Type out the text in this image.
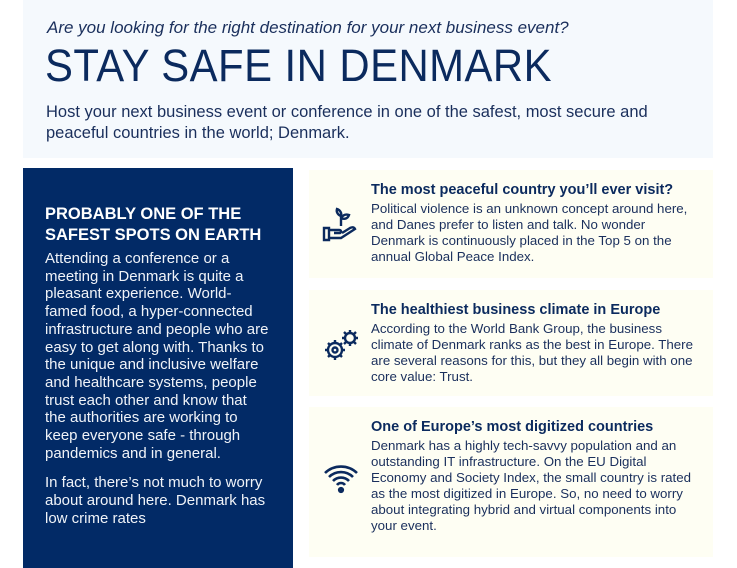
Are you looking for the right destination for your next business event?
STAY SAFE IN DENMARK
Host your next business event or conference in one of the safest, most secure and peaceful countries in the world; Denmark.
PROBABLY ONE OF THE SAFEST SPOTS ON EARTH

Attending a conference or a meeting in Denmark is quite a pleasant experience. World-famed food, a hyper-connected infrastructure and people who are easy to get along with. Thanks to the unique and inclusive welfare and healthcare systems, people trust each other and know that the authorities are working to keep everyone safe - through pandemics and in general.

In fact, there’s not much to worry about around here. Denmark has low crime rates

The most peaceful country you’ll ever visit?

Political violence is an unknown concept around here, and Danes prefer to listen and talk. No wonder Denmark is continuously placed in the Top 5 on the annual Global Peace Index.

The healthiest business climate in Europe

According to the World Bank Group, the business climate of Denmark ranks as the best in Europe. There are several reasons for this, but they all begin with one core value: Trust.

One of Europe’s most digitized countries

Denmark has a highly tech-savvy population and an outstanding IT infrastructure. On the EU Digital Economy and Society Index, the small country is rated as the most digitized in Europe. So, no need to worry about integrating hybrid and virtual components into your event.
